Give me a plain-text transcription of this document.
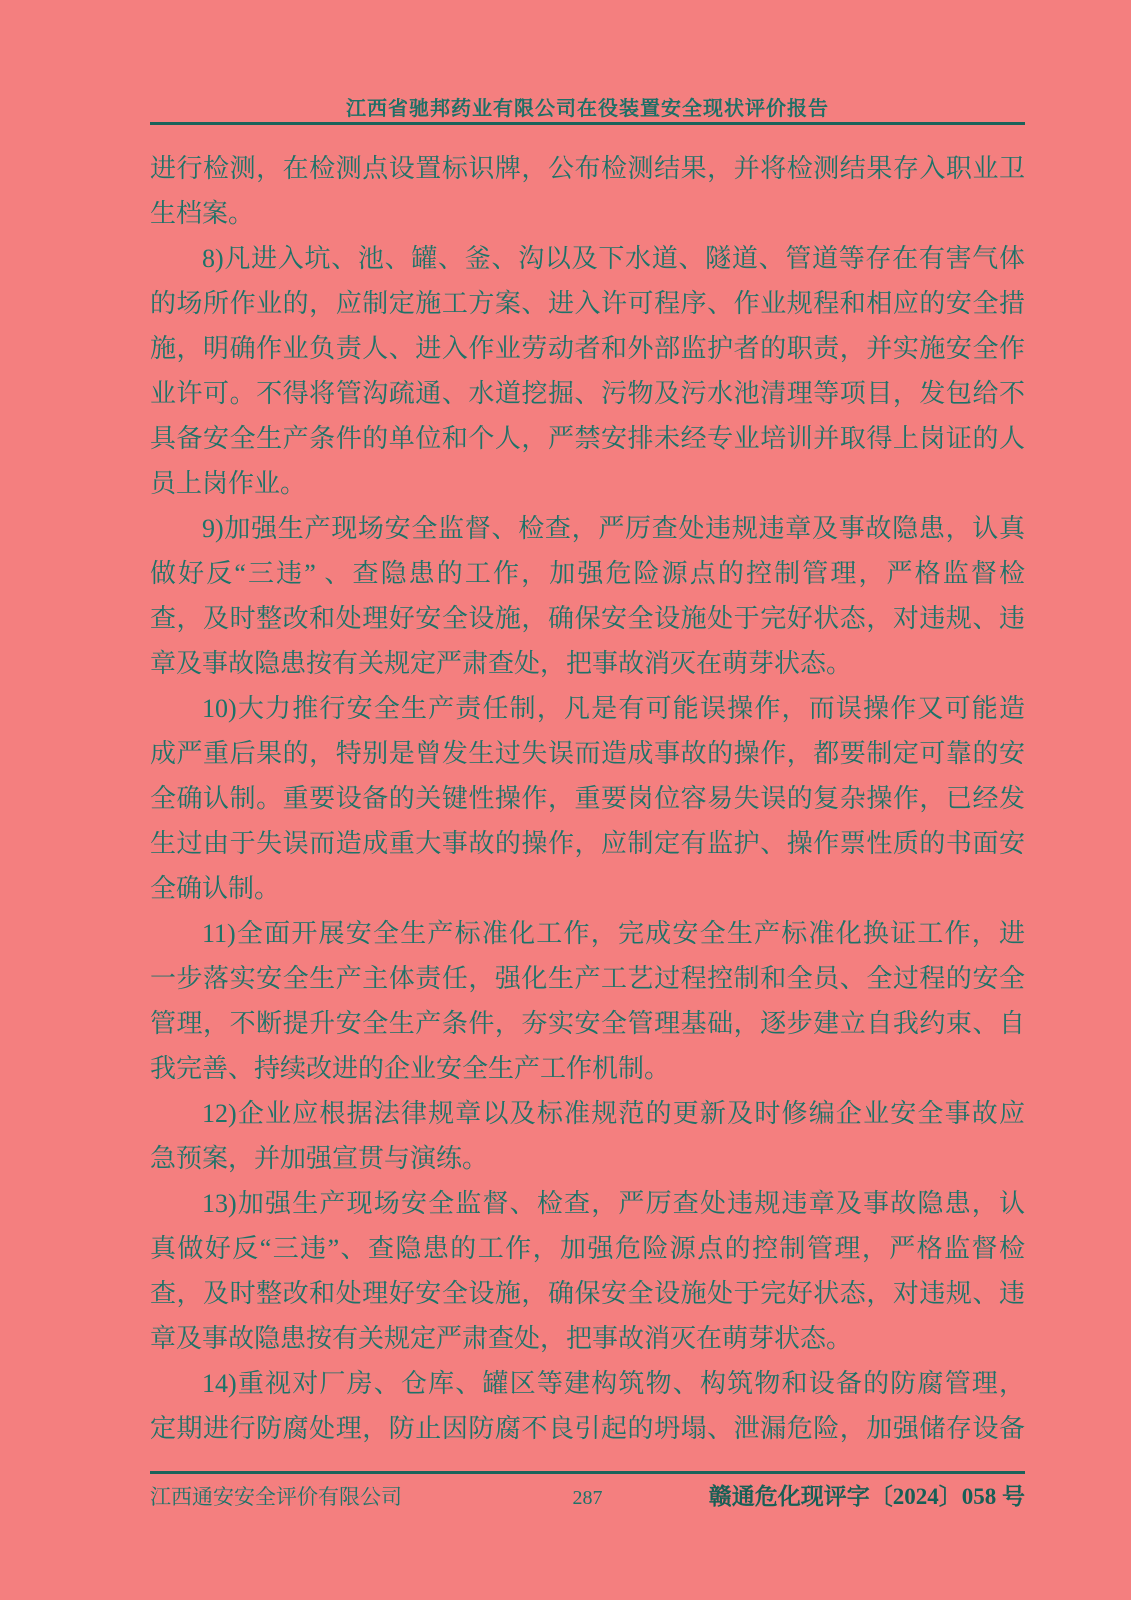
江西省驰邦药业有限公司在役装置安全现状评价报告
进行检测，在检测点设置标识牌，公布检测结果，并将检测结果存入职业卫
生档案。
8)凡进入坑、池、罐、釜、沟以及下水道、隧道、管道等存在有害气体
的场所作业的，应制定施工方案、进入许可程序、作业规程和相应的安全措
施，明确作业负责人、进入作业劳动者和外部监护者的职责，并实施安全作
业许可。不得将管沟疏通、水道挖掘、污物及污水池清理等项目，发包给不
具备安全生产条件的单位和个人，严禁安排未经专业培训并取得上岗证的人
员上岗作业。
9)加强生产现场安全监督、检查，严厉查处违规违章及事故隐患，认真
做好反“三违” 、查隐患的工作，加强危险源点的控制管理，严格监督检
查，及时整改和处理好安全设施，确保安全设施处于完好状态，对违规、违
章及事故隐患按有关规定严肃查处，把事故消灭在萌芽状态。
10)大力推行安全生产责任制，凡是有可能误操作，而误操作又可能造
成严重后果的，特别是曾发生过失误而造成事故的操作，都要制定可靠的安
全确认制。重要设备的关键性操作，重要岗位容易失误的复杂操作，已经发
生过由于失误而造成重大事故的操作，应制定有监护、操作票性质的书面安
全确认制。
11)全面开展安全生产标准化工作，完成安全生产标准化换证工作，进
一步落实安全生产主体责任，强化生产工艺过程控制和全员、全过程的安全
管理，不断提升安全生产条件，夯实安全管理基础，逐步建立自我约束、自
我完善、持续改进的企业安全生产工作机制。
12)企业应根据法律规章以及标准规范的更新及时修编企业安全事故应
急预案，并加强宣贯与演练。
13)加强生产现场安全监督、检查，严厉查处违规违章及事故隐患，认
真做好反“三违”、查隐患的工作，加强危险源点的控制管理，严格监督检
查，及时整改和处理好安全设施，确保安全设施处于完好状态，对违规、违
章及事故隐患按有关规定严肃查处，把事故消灭在萌芽状态。
14)重视对厂房、仓库、罐区等建构筑物、构筑物和设备的防腐管理，
定期进行防腐处理，防止因防腐不良引起的坍塌、泄漏危险，加强储存设备
江西通安安全评价有限公司	287	赣通危化现评字〔2024〕058 号
